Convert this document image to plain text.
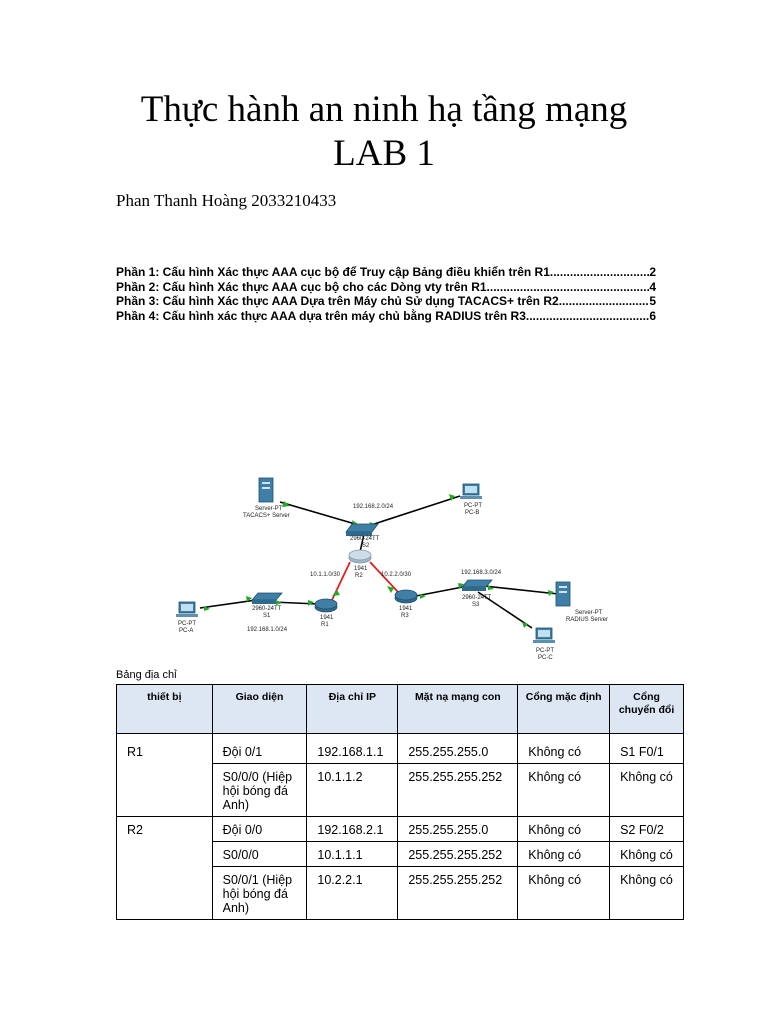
Thực hành an ninh hạ tầng mạng
LAB 1
Phan Thanh Hoàng 2033210433
Phần 1: Cấu hình Xác thực AAA cục bộ để Truy cập Bảng điều khiển trên R1 .....	2
Phần 2: Cấu hình Xác thực AAA cục bộ cho các Dòng vty trên R1 .....	4
Phần 3: Cấu hình Xác thực AAA Dựa trên Máy chủ Sử dụng TACACS+ trên R2 .....	5
Phần 4: Cấu hình xác thực AAA dựa trên máy chủ bằng RADIUS trên R3 .....	6
Server-PT
TACACS+ Server
PC-PT
PC-B
192.168.2.0/24
2960-24TT
S2
1941
R2
10.1.1.0/30	10.2.2.0/30	192.168.3.0/24
PC-PT
PC-A
2960-24TT
S1
192.168.1.0/24
1941
R1
1941
R3
2960-24TT
S3
Server-PT
RADIUS Server
PC-PT
PC-C
Bảng địa chỉ
thiết bị	Giao diện	Địa chỉ IP	Mặt nạ mạng con	Cổng mặc định	Cổng chuyển đổi

R1	Đội 0/1	192.168.1.1	255.255.255.0	Không có	S1 F0/1
	S0/0/0 (Hiệp hội bóng đá Anh)	10.1.1.2	255.255.255.252	Không có	Không có
R2	Đội 0/0	192.168.2.1	255.255.255.0	Không có	S2 F0/2
	S0/0/0	10.1.1.1	255.255.255.252	Không có	Không có
	S0/0/1 (Hiệp hội bóng đá Anh)	10.2.2.1	255.255.255.252	Không có	Không có
